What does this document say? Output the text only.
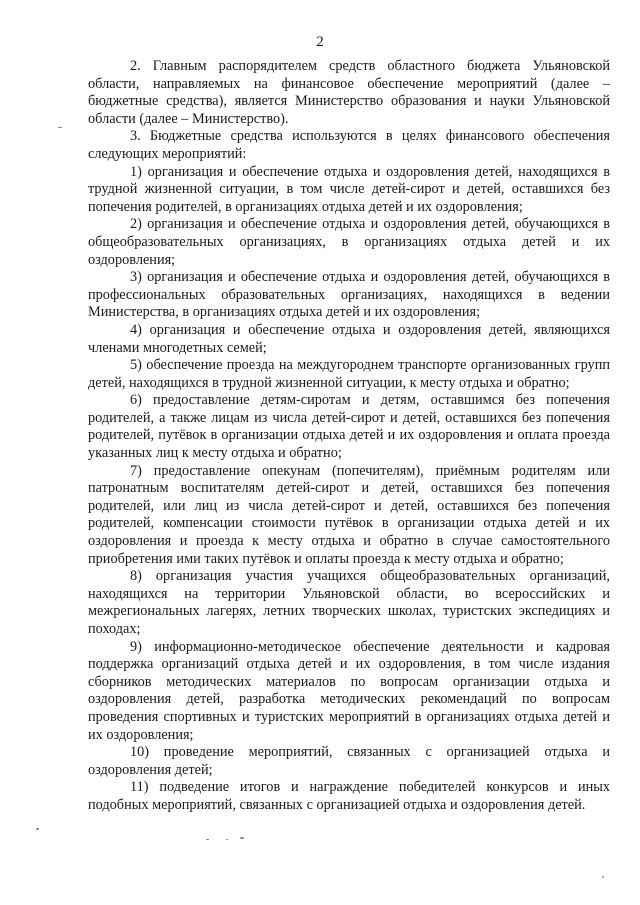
2

2. Главным распорядителем средств областного бюджета Ульяновской области, направляемых на финансовое обеспечение мероприятий (далее – бюджетные средства), является Министерство образования и науки Ульяновской области (далее – Министерство).

3. Бюджетные средства используются в целях финансового обеспечения следующих мероприятий:

1) организация и обеспечение отдыха и оздоровления детей, находящихся в трудной жизненной ситуации, в том числе детей-сирот и детей, оставшихся без попечения родителей, в организациях отдыха детей и их оздоровления;

2) организация и обеспечение отдыха и оздоровления детей, обучающихся в общеобразовательных организациях, в организациях отдыха детей и их оздоровления;

3) организация и обеспечение отдыха и оздоровления детей, обучающихся в профессиональных образовательных организациях, находящихся в ведении Министерства, в организациях отдыха детей и их оздоровления;

4) организация и обеспечение отдыха и оздоровления детей, являющихся членами многодетных семей;

5) обеспечение проезда на междугороднем транспорте организованных групп детей, находящихся в трудной жизненной ситуации, к месту отдыха и обратно;

6) предоставление детям-сиротам и детям, оставшимся без попечения родителей, а также лицам из числа детей-сирот и детей, оставшихся без попечения родителей, путёвок в организации отдыха детей и их оздоровления и оплата проезда указанных лиц к месту отдыха и обратно;

7) предоставление опекунам (попечителям), приёмным родителям или патронатным воспитателям детей-сирот и детей, оставшихся без попечения родителей, или лиц из числа детей-сирот и детей, оставшихся без попечения родителей, компенсации стоимости путёвок в организации отдыха детей и их оздоровления и проезда к месту отдыха и обратно в случае самостоятельного приобретения ими таких путёвок и оплаты проезда к месту отдыха и обратно;

8) организация участия учащихся общеобразовательных организаций, находящихся на территории Ульяновской области, во всероссийских и межрегиональных лагерях, летних творческих школах, туристских экспедициях и походах;

9) информационно-методическое обеспечение деятельности и кадровая поддержка организаций отдыха детей и их оздоровления, в том числе издания сборников методических материалов по вопросам организации отдыха и оздоровления детей, разработка методических рекомендаций по вопросам проведения спортивных и туристских мероприятий в организациях отдыха детей и их оздоровления;

10) проведение мероприятий, связанных с организацией отдыха и оздоровления детей;

11) подведение итогов и награждение победителей конкурсов и иных подобных мероприятий, связанных с организацией отдыха и оздоровления детей.
